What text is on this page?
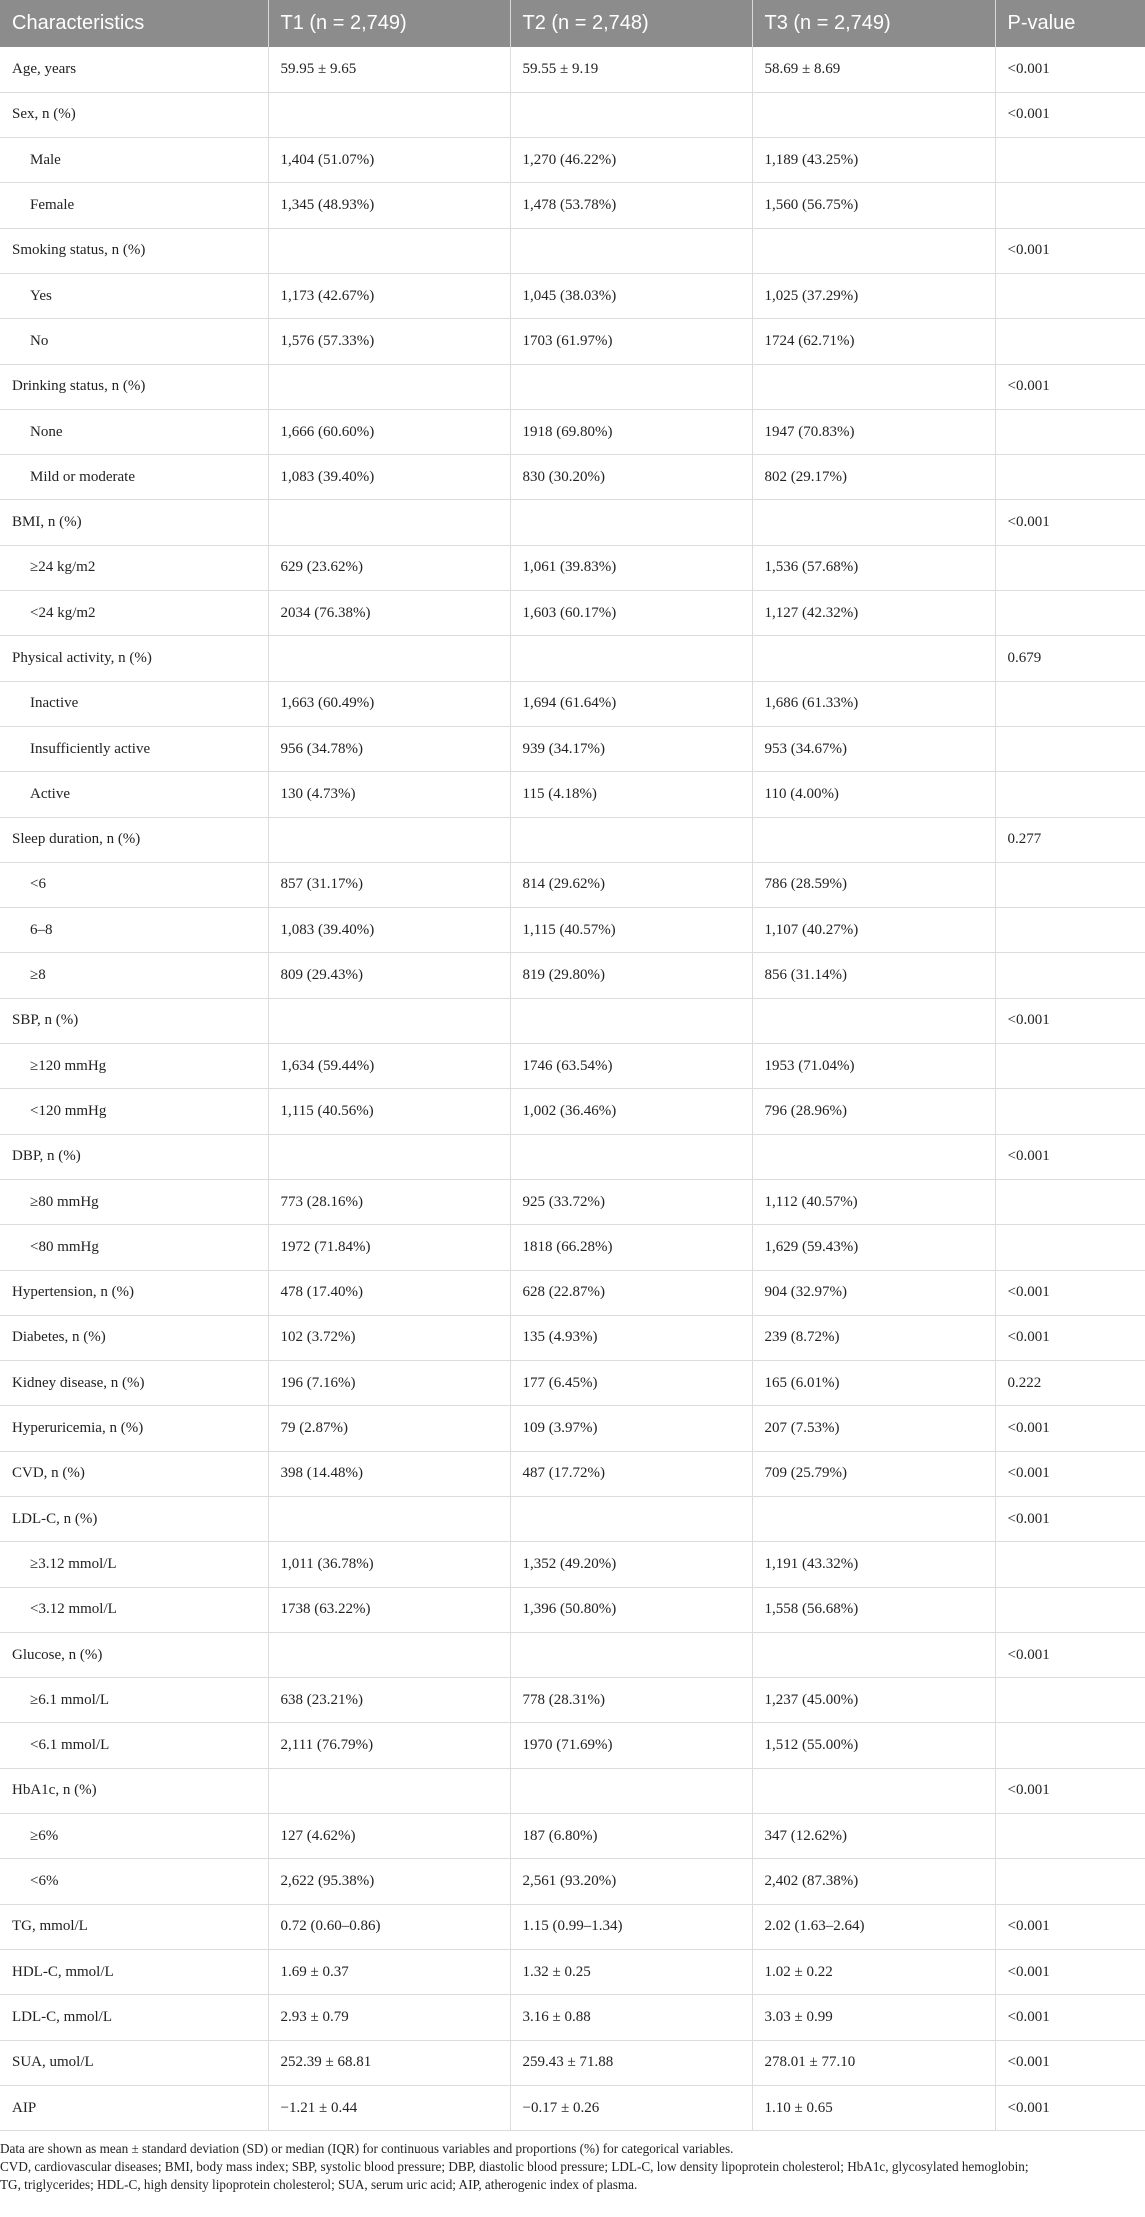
Characteristics	T1 (n = 2,749)	T2 (n = 2,748)	T3 (n = 2,749)	P-value
Age, years	59.95 ± 9.65	59.55 ± 9.19	58.69 ± 8.69	<0.001
Sex, n (%)				<0.001
Male	1,404 (51.07%)	1,270 (46.22%)	1,189 (43.25%)	
Female	1,345 (48.93%)	1,478 (53.78%)	1,560 (56.75%)	
Smoking status, n (%)				<0.001
Yes	1,173 (42.67%)	1,045 (38.03%)	1,025 (37.29%)	
No	1,576 (57.33%)	1703 (61.97%)	1724 (62.71%)	
Drinking status, n (%)				<0.001
None	1,666 (60.60%)	1918 (69.80%)	1947 (70.83%)	
Mild or moderate	1,083 (39.40%)	830 (30.20%)	802 (29.17%)	
BMI, n (%)				<0.001
≥24 kg/m2	629 (23.62%)	1,061 (39.83%)	1,536 (57.68%)	
<24 kg/m2	2034 (76.38%)	1,603 (60.17%)	1,127 (42.32%)	
Physical activity, n (%)				0.679
Inactive	1,663 (60.49%)	1,694 (61.64%)	1,686 (61.33%)	
Insufficiently active	956 (34.78%)	939 (34.17%)	953 (34.67%)	
Active	130 (4.73%)	115 (4.18%)	110 (4.00%)	
Sleep duration, n (%)				0.277
<6	857 (31.17%)	814 (29.62%)	786 (28.59%)	
6–8	1,083 (39.40%)	1,115 (40.57%)	1,107 (40.27%)	
≥8	809 (29.43%)	819 (29.80%)	856 (31.14%)	
SBP, n (%)				<0.001
≥120 mmHg	1,634 (59.44%)	1746 (63.54%)	1953 (71.04%)	
<120 mmHg	1,115 (40.56%)	1,002 (36.46%)	796 (28.96%)	
DBP, n (%)				<0.001
≥80 mmHg	773 (28.16%)	925 (33.72%)	1,112 (40.57%)	
<80 mmHg	1972 (71.84%)	1818 (66.28%)	1,629 (59.43%)	
Hypertension, n (%)	478 (17.40%)	628 (22.87%)	904 (32.97%)	<0.001
Diabetes, n (%)	102 (3.72%)	135 (4.93%)	239 (8.72%)	<0.001
Kidney disease, n (%)	196 (7.16%)	177 (6.45%)	165 (6.01%)	0.222
Hyperuricemia, n (%)	79 (2.87%)	109 (3.97%)	207 (7.53%)	<0.001
CVD, n (%)	398 (14.48%)	487 (17.72%)	709 (25.79%)	<0.001
LDL-C, n (%)				<0.001
≥3.12 mmol/L	1,011 (36.78%)	1,352 (49.20%)	1,191 (43.32%)	
<3.12 mmol/L	1738 (63.22%)	1,396 (50.80%)	1,558 (56.68%)	
Glucose, n (%)				<0.001
≥6.1 mmol/L	638 (23.21%)	778 (28.31%)	1,237 (45.00%)	
<6.1 mmol/L	2,111 (76.79%)	1970 (71.69%)	1,512 (55.00%)	
HbA1c, n (%)				<0.001
≥6%	127 (4.62%)	187 (6.80%)	347 (12.62%)	
<6%	2,622 (95.38%)	2,561 (93.20%)	2,402 (87.38%)	
TG, mmol/L	0.72 (0.60–0.86)	1.15 (0.99–1.34)	2.02 (1.63–2.64)	<0.001
HDL-C, mmol/L	1.69 ± 0.37	1.32 ± 0.25	1.02 ± 0.22	<0.001
LDL-C, mmol/L	2.93 ± 0.79	3.16 ± 0.88	3.03 ± 0.99	<0.001
SUA, umol/L	252.39 ± 68.81	259.43 ± 71.88	278.01 ± 77.10	<0.001
AIP	−1.21 ± 0.44	−0.17 ± 0.26	1.10 ± 0.65	<0.001
Data are shown as mean ± standard deviation (SD) or median (IQR) for continuous variables and proportions (%) for categorical variables.
CVD, cardiovascular diseases; BMI, body mass index; SBP, systolic blood pressure; DBP, diastolic blood pressure; LDL-C, low density lipoprotein cholesterol; HbA1c, glycosylated hemoglobin;
TG, triglycerides; HDL-C, high density lipoprotein cholesterol; SUA, serum uric acid; AIP, atherogenic index of plasma.
